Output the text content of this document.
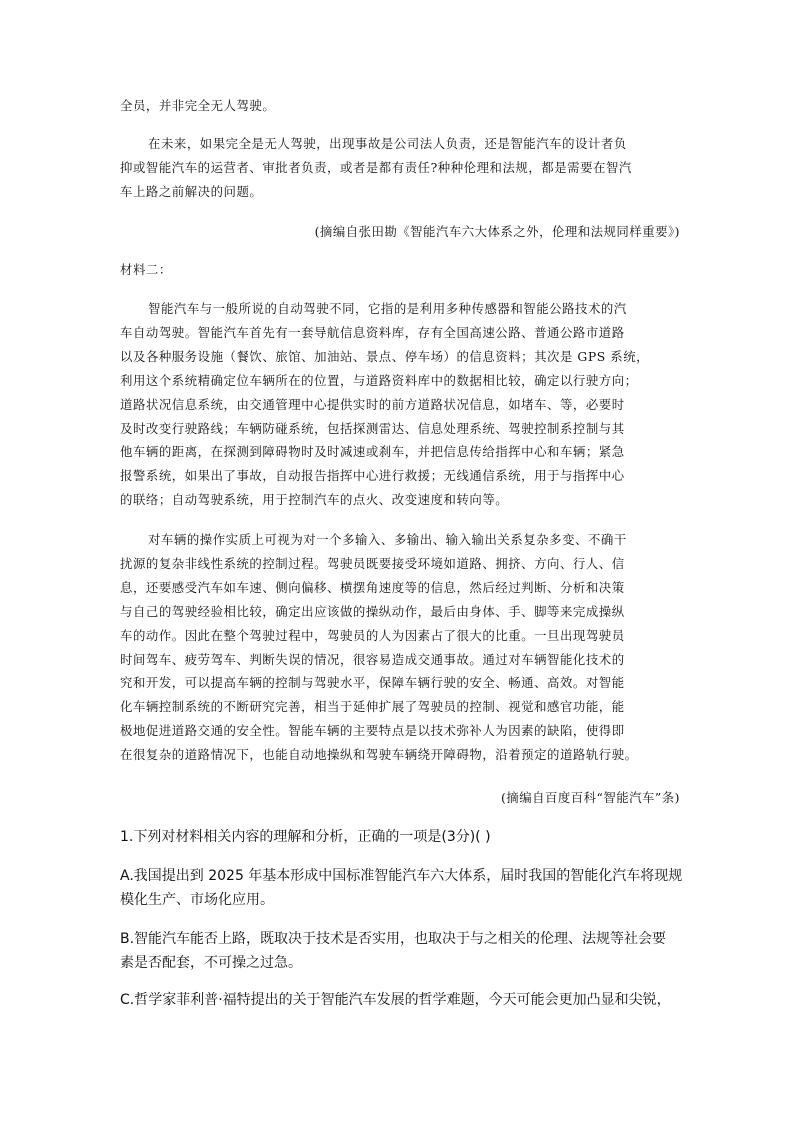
全员，并非完全无人驾驶。
在未来，如果完全是无人驾驶，出现事故是公司法人负责，还是智能汽车的设计者负
抑或智能汽车的运营者、审批者负责，或者是都有责任?种种伦理和法规，都是需要在智汽
车上路之前解决的问题。
(摘编自张田勘《智能汽车六大体系之外，伦理和法规同样重要》)
材料二：
智能汽车与一般所说的自动驾驶不同，它指的是利用多种传感器和智能公路技术的汽
车自动驾驶。智能汽车首先有一套导航信息资料库，存有全国高速公路、普通公路市道路
以及各种服务设施（餐饮、旅馆、加油站、景点、停车场）的信息资料；其次是 GPS 系统，
利用这个系统精确定位车辆所在的位置，与道路资料库中的数据相比较，确定以行驶方向；
道路状况信息系统，由交通管理中心提供实时的前方道路状况信息，如堵车、等，必要时
及时改变行驶路线；车辆防碰系统，包括探测雷达、信息处理系统、驾驶控制系控制与其
他车辆的距离，在探测到障碍物时及时减速或刹车，并把信息传给指挥中心和车辆；紧急
报警系统，如果出了事故，自动报告指挥中心进行救援；无线通信系统，用于与指挥中心
的联络；自动驾驶系统，用于控制汽车的点火、改变速度和转向等。
对车辆的操作实质上可视为对一个多输入、多输出、输入输出关系复杂多变、不确干
扰源的复杂非线性系统的控制过程。驾驶员既要接受环境如道路、拥挤、方向、行人、信
息，还要感受汽车如车速、侧向偏移、横摆角速度等的信息，然后经过判断、分析和决策
与自己的驾驶经验相比较，确定出应该做的操纵动作，最后由身体、手、脚等来完成操纵
车的动作。因此在整个驾驶过程中，驾驶员的人为因素占了很大的比重。一旦出现驾驶员
时间驾车、疲劳驾车、判断失误的情况，很容易造成交通事故。通过对车辆智能化技术的
究和开发，可以提高车辆的控制与驾驶水平，保障车辆行驶的安全、畅通、高效。对智能
化车辆控制系统的不断研究完善，相当于延伸扩展了驾驶员的控制、视觉和感官功能，能
极地促进道路交通的安全性。智能车辆的主要特点是以技术弥补人为因素的缺陷，使得即
在很复杂的道路情况下，也能自动地操纵和驾驶车辆绕开障碍物，沿着预定的道路轨行驶。
(摘编自百度百科“智能汽车”条)
1.下列对材料相关内容的理解和分析，正确的一项是(3分)( )
A.我国提出到 2025 年基本形成中国标准智能汽车六大体系，届时我国的智能化汽车将现规
模化生产、市场化应用。
B.智能汽车能否上路，既取决于技术是否实用，也取决于与之相关的伦理、法规等社会要
素是否配套，不可操之过急。
C.哲学家菲利普·福特提出的关于智能汽车发展的哲学难题，今天可能会更加凸显和尖锐，
